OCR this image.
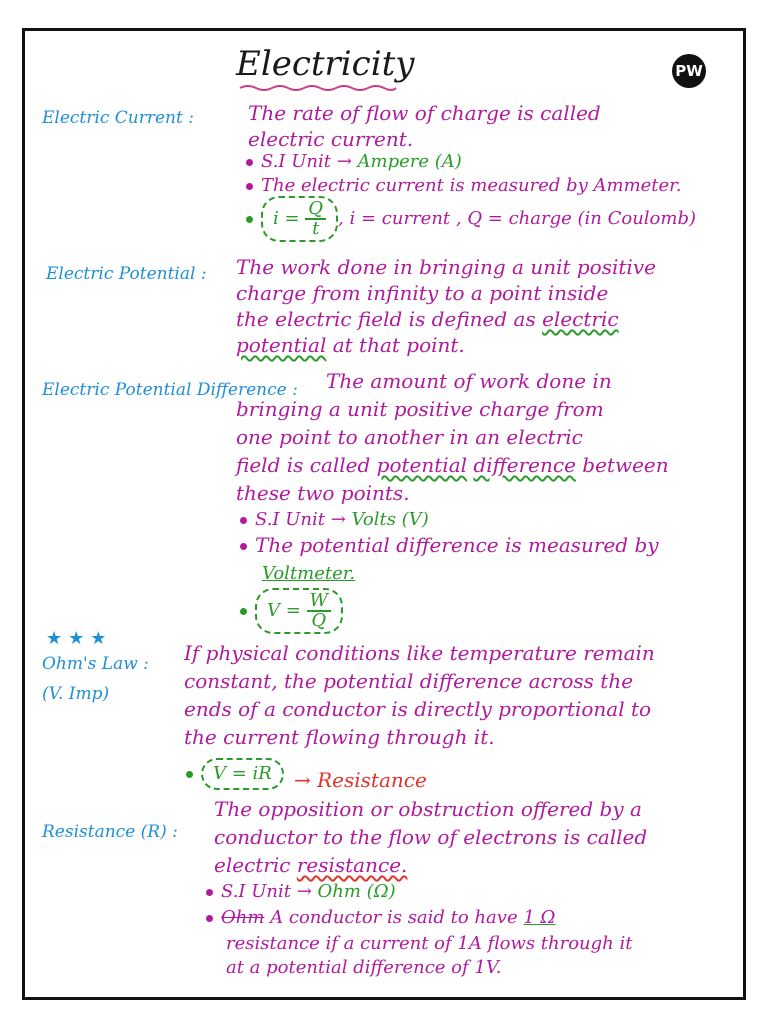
Electricity	PW
Electric Current :	The rate of flow of charge is called
electric current.
S.I Unit → Ampere (A)
The electric current is measured by Ammeter.
$i = \frac{Q}{t}$ , i = current , Q = charge (in Coulomb)
Electric Potential : The work done in bringing a unit positive
charge from infinity to a point inside
the electric field is defined as electric
potential at that point.
Electric Potential Difference : The amount of work done in
bringing a unit positive charge from
one point to another in an electric
field is called potential difference between
these two points.
S.I Unit → Volts (V)
The potential difference is measured by
Voltmeter.
$V = \frac{W}{Q}$
★★★
Ohm's Law :
(V. Imp)
If physical conditions like temperature remain
constant, the potential difference across the
ends of a conductor is directly proportional to
the current flowing through it.
V = iR	→ Resistance
Resistance (R) :
The opposition or obstruction offered by a
conductor to the flow of electrons is called
electric resistance.
S.I Unit → Ohm (Ω)
Ohm A conductor is said to have 1 Ω
resistance if a current of 1A flows through it
at a potential difference of 1V.
